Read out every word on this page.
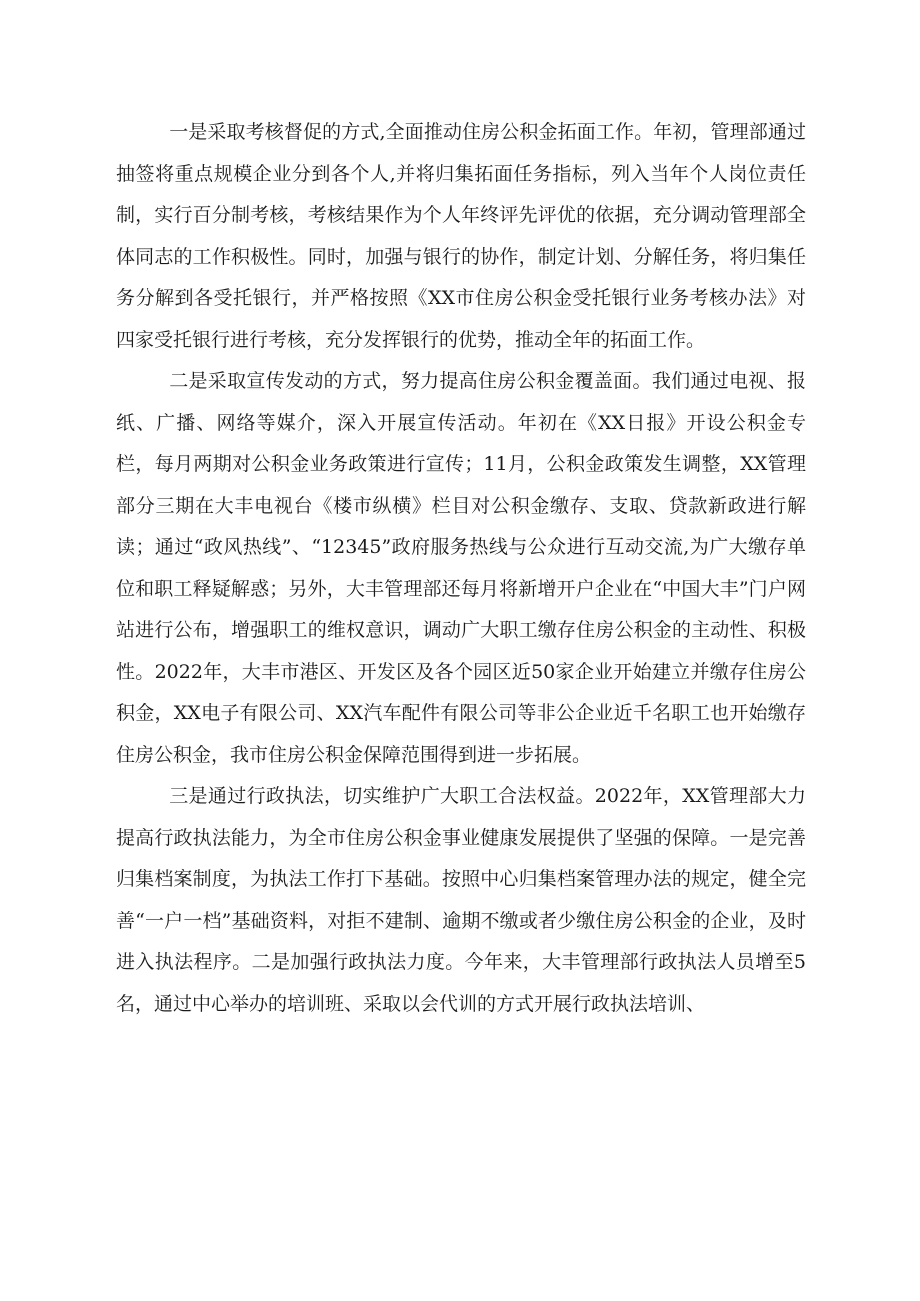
一是采取考核督促的方式,全面推动住房公积金拓面工作。年初，管理部通过抽签将重点规模企业分到各个人,并将归集拓面任务指标，列入当年个人岗位责任制，实行百分制考核，考核结果作为个人年终评先评优的依据，充分调动管理部全体同志的工作积极性。同时，加强与银行的协作，制定计划、分解任务，将归集任务分解到各受托银行，并严格按照《XX市住房公积金受托银行业务考核办法》对四家受托银行进行考核，充分发挥银行的优势，推动全年的拓面工作。

二是采取宣传发动的方式，努力提高住房公积金覆盖面。我们通过电视、报纸、广播、网络等媒介，深入开展宣传活动。年初在《XX日报》开设公积金专栏，每月两期对公积金业务政策进行宣传；11月，公积金政策发生调整，XX管理部分三期在大丰电视台《楼市纵横》栏目对公积金缴存、支取、贷款新政进行解读；通过“政风热线”、“12345”政府服务热线与公众进行互动交流,为广大缴存单位和职工释疑解惑；另外，大丰管理部还每月将新增开户企业在“中国大丰”门户网站进行公布，增强职工的维权意识，调动广大职工缴存住房公积金的主动性、积极性。2022年，大丰市港区、开发区及各个园区近50家企业开始建立并缴存住房公积金，XX电子有限公司、XX汽车配件有限公司等非公企业近千名职工也开始缴存住房公积金，我市住房公积金保障范围得到进一步拓展。

三是通过行政执法，切实维护广大职工合法权益。2022年，XX管理部大力提高行政执法能力，为全市住房公积金事业健康发展提供了坚强的保障。一是完善归集档案制度，为执法工作打下基础。按照中心归集档案管理办法的规定，健全完善“一户一档”基础资料，对拒不建制、逾期不缴或者少缴住房公积金的企业，及时进入执法程序。二是加强行政执法力度。今年来，大丰管理部行政执法人员增至5名，通过中心举办的培训班、采取以会代训的方式开展行政执法培训、
